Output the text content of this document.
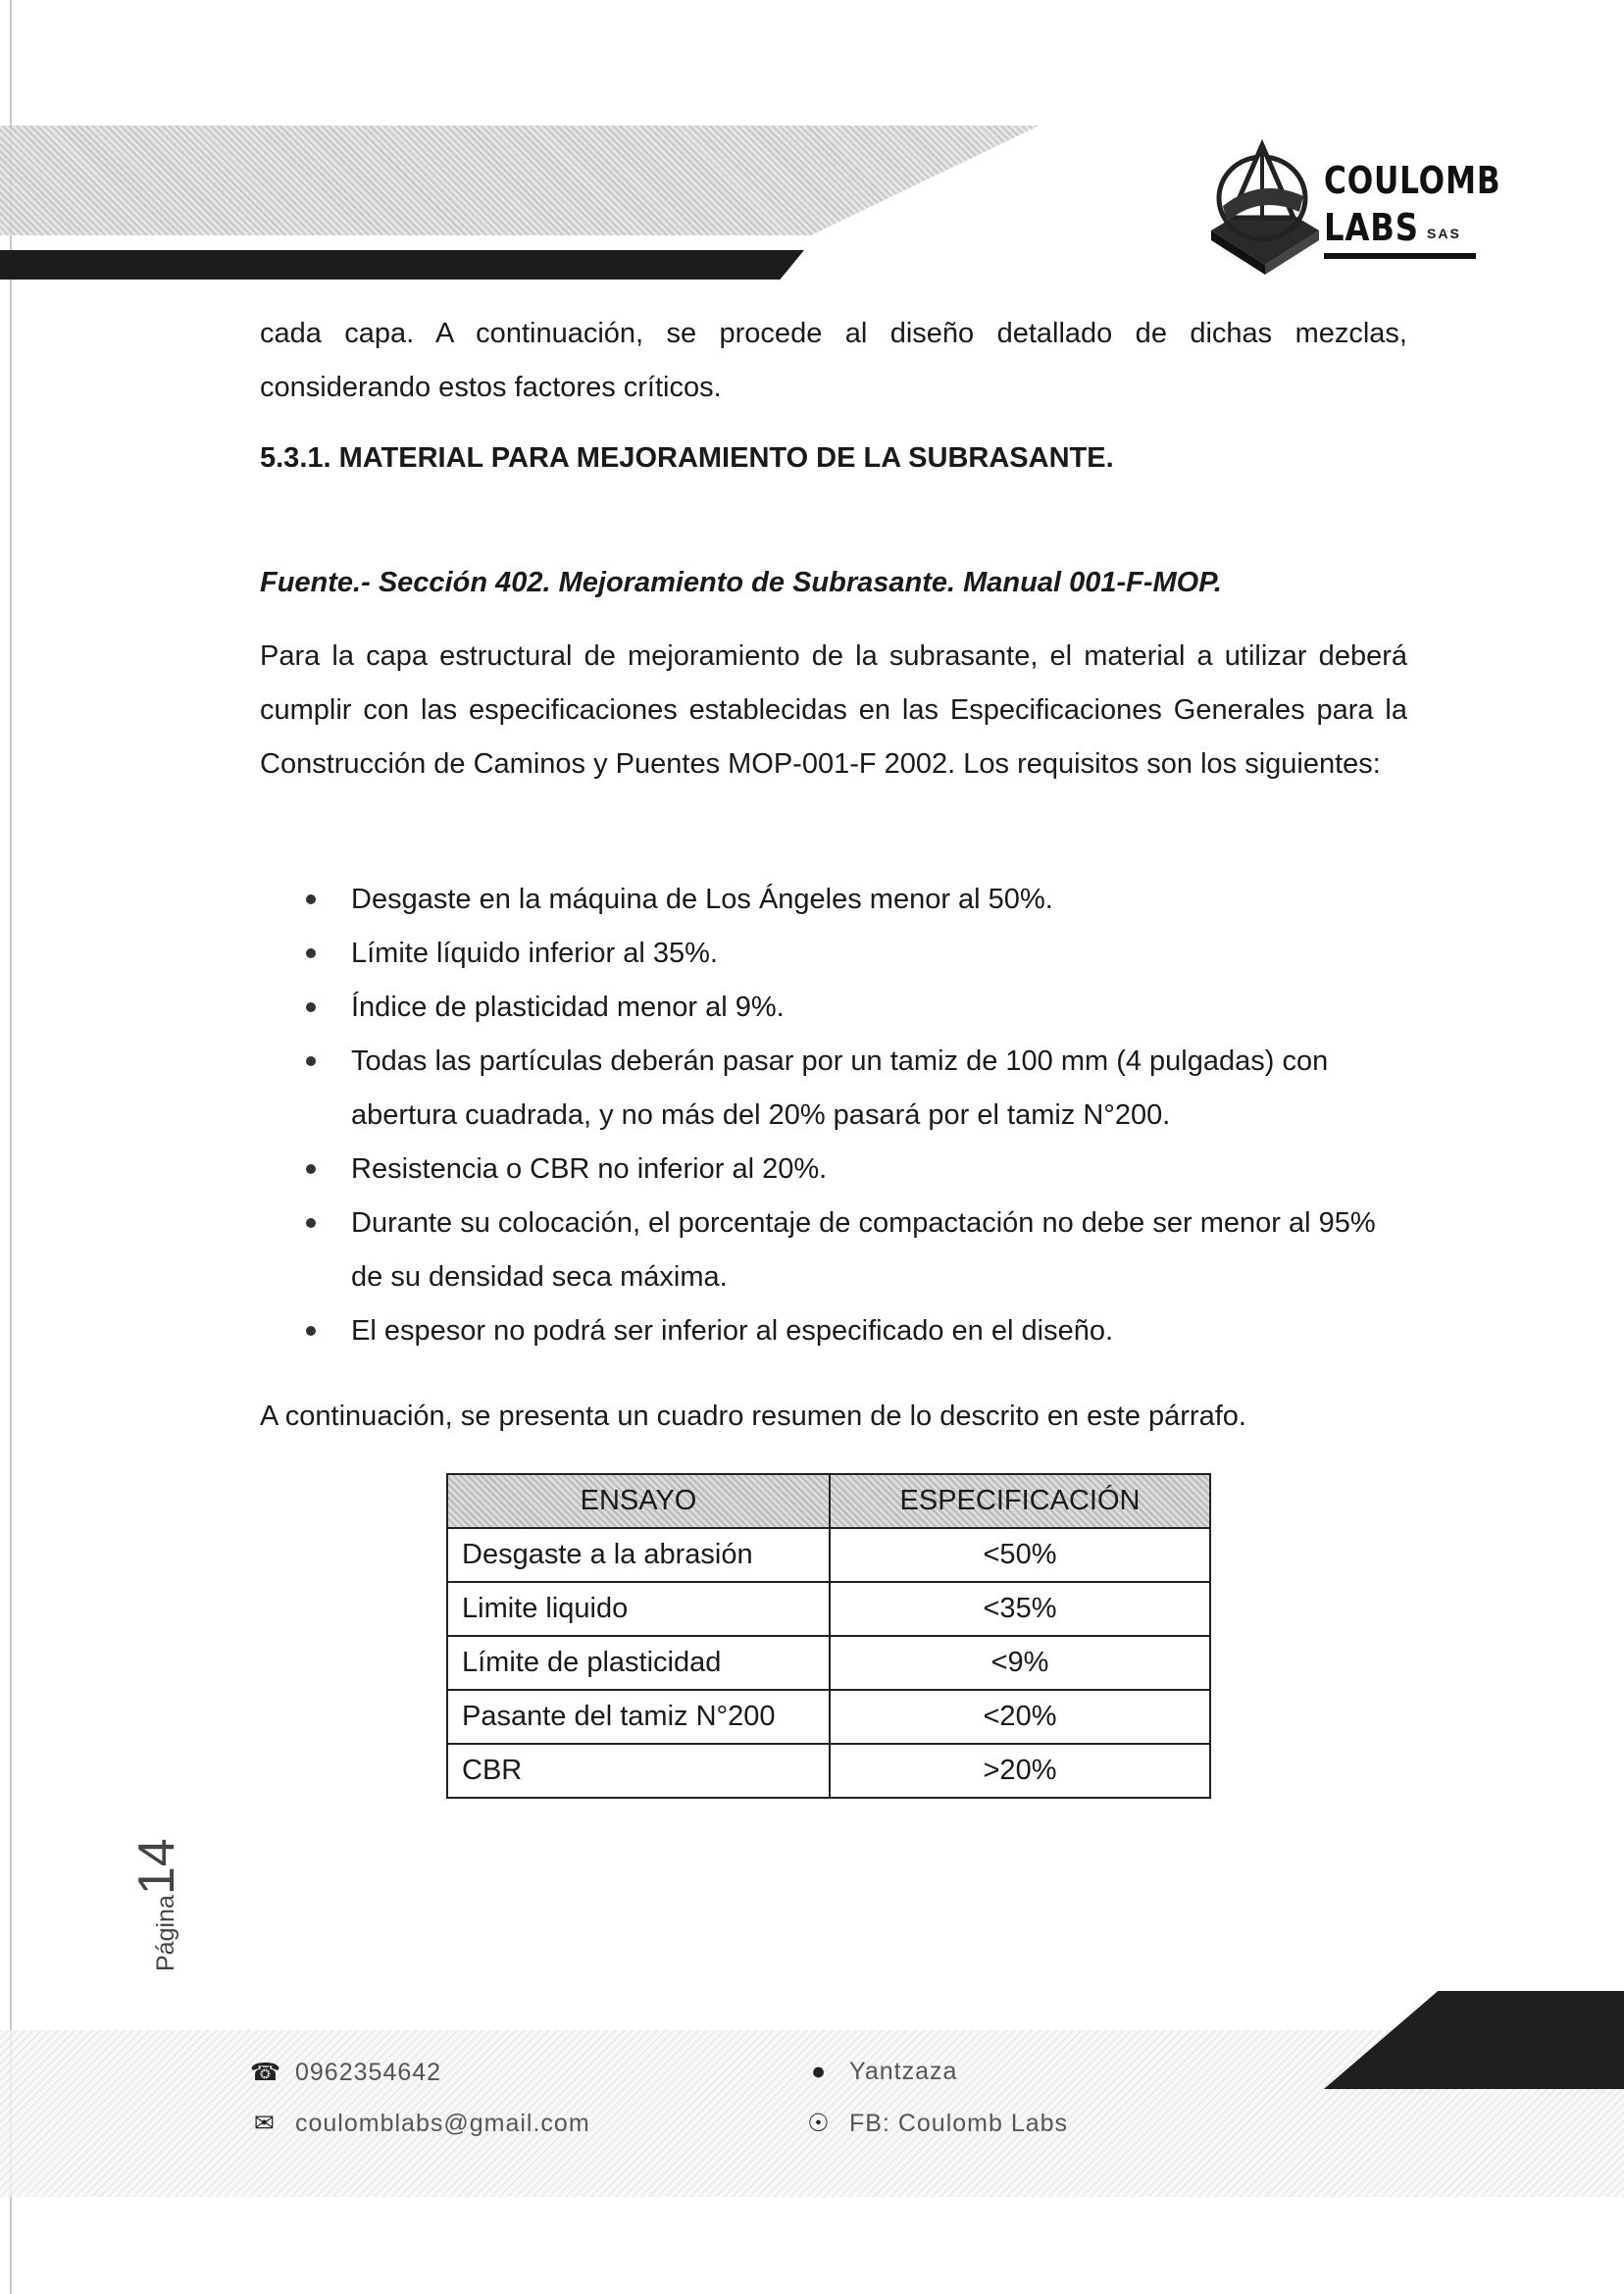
COULOMB
LABS SAS
cada capa. A continuación, se procede al diseño detallado de dichas mezclas, considerando estos factores críticos.
5.3.1. MATERIAL PARA MEJORAMIENTO DE LA SUBRASANTE.
Fuente.- Sección 402. Mejoramiento de Subrasante. Manual 001-F-MOP.
Para la capa estructural de mejoramiento de la subrasante, el material a utilizar deberá cumplir con las especificaciones establecidas en las Especificaciones Generales para la Construcción de Caminos y Puentes MOP-001-F 2002. Los requisitos son los siguientes:
Desgaste en la máquina de Los Ángeles menor al 50%.
Límite líquido inferior al 35%.
Índice de plasticidad menor al 9%.
Todas las partículas deberán pasar por un tamiz de 100 mm (4 pulgadas) con abertura cuadrada, y no más del 20% pasará por el tamiz N°200.
Resistencia o CBR no inferior al 20%.
Durante su colocación, el porcentaje de compactación no debe ser menor al 95% de su densidad seca máxima.
El espesor no podrá ser inferior al especificado en el diseño.
A continuación, se presenta un cuadro resumen de lo descrito en este párrafo.
ENSAYO	ESPECIFICACIÓN
Desgaste a la abrasión	<50%
Limite liquido	<35%
Límite de plasticidad	<9%
Pasante del tamiz N°200	<20%
CBR	>20%
Página14
☎ 0962354642
✉ coulomblabs@gmail.com
● Yantzaza
☉ FB: Coulomb Labs
